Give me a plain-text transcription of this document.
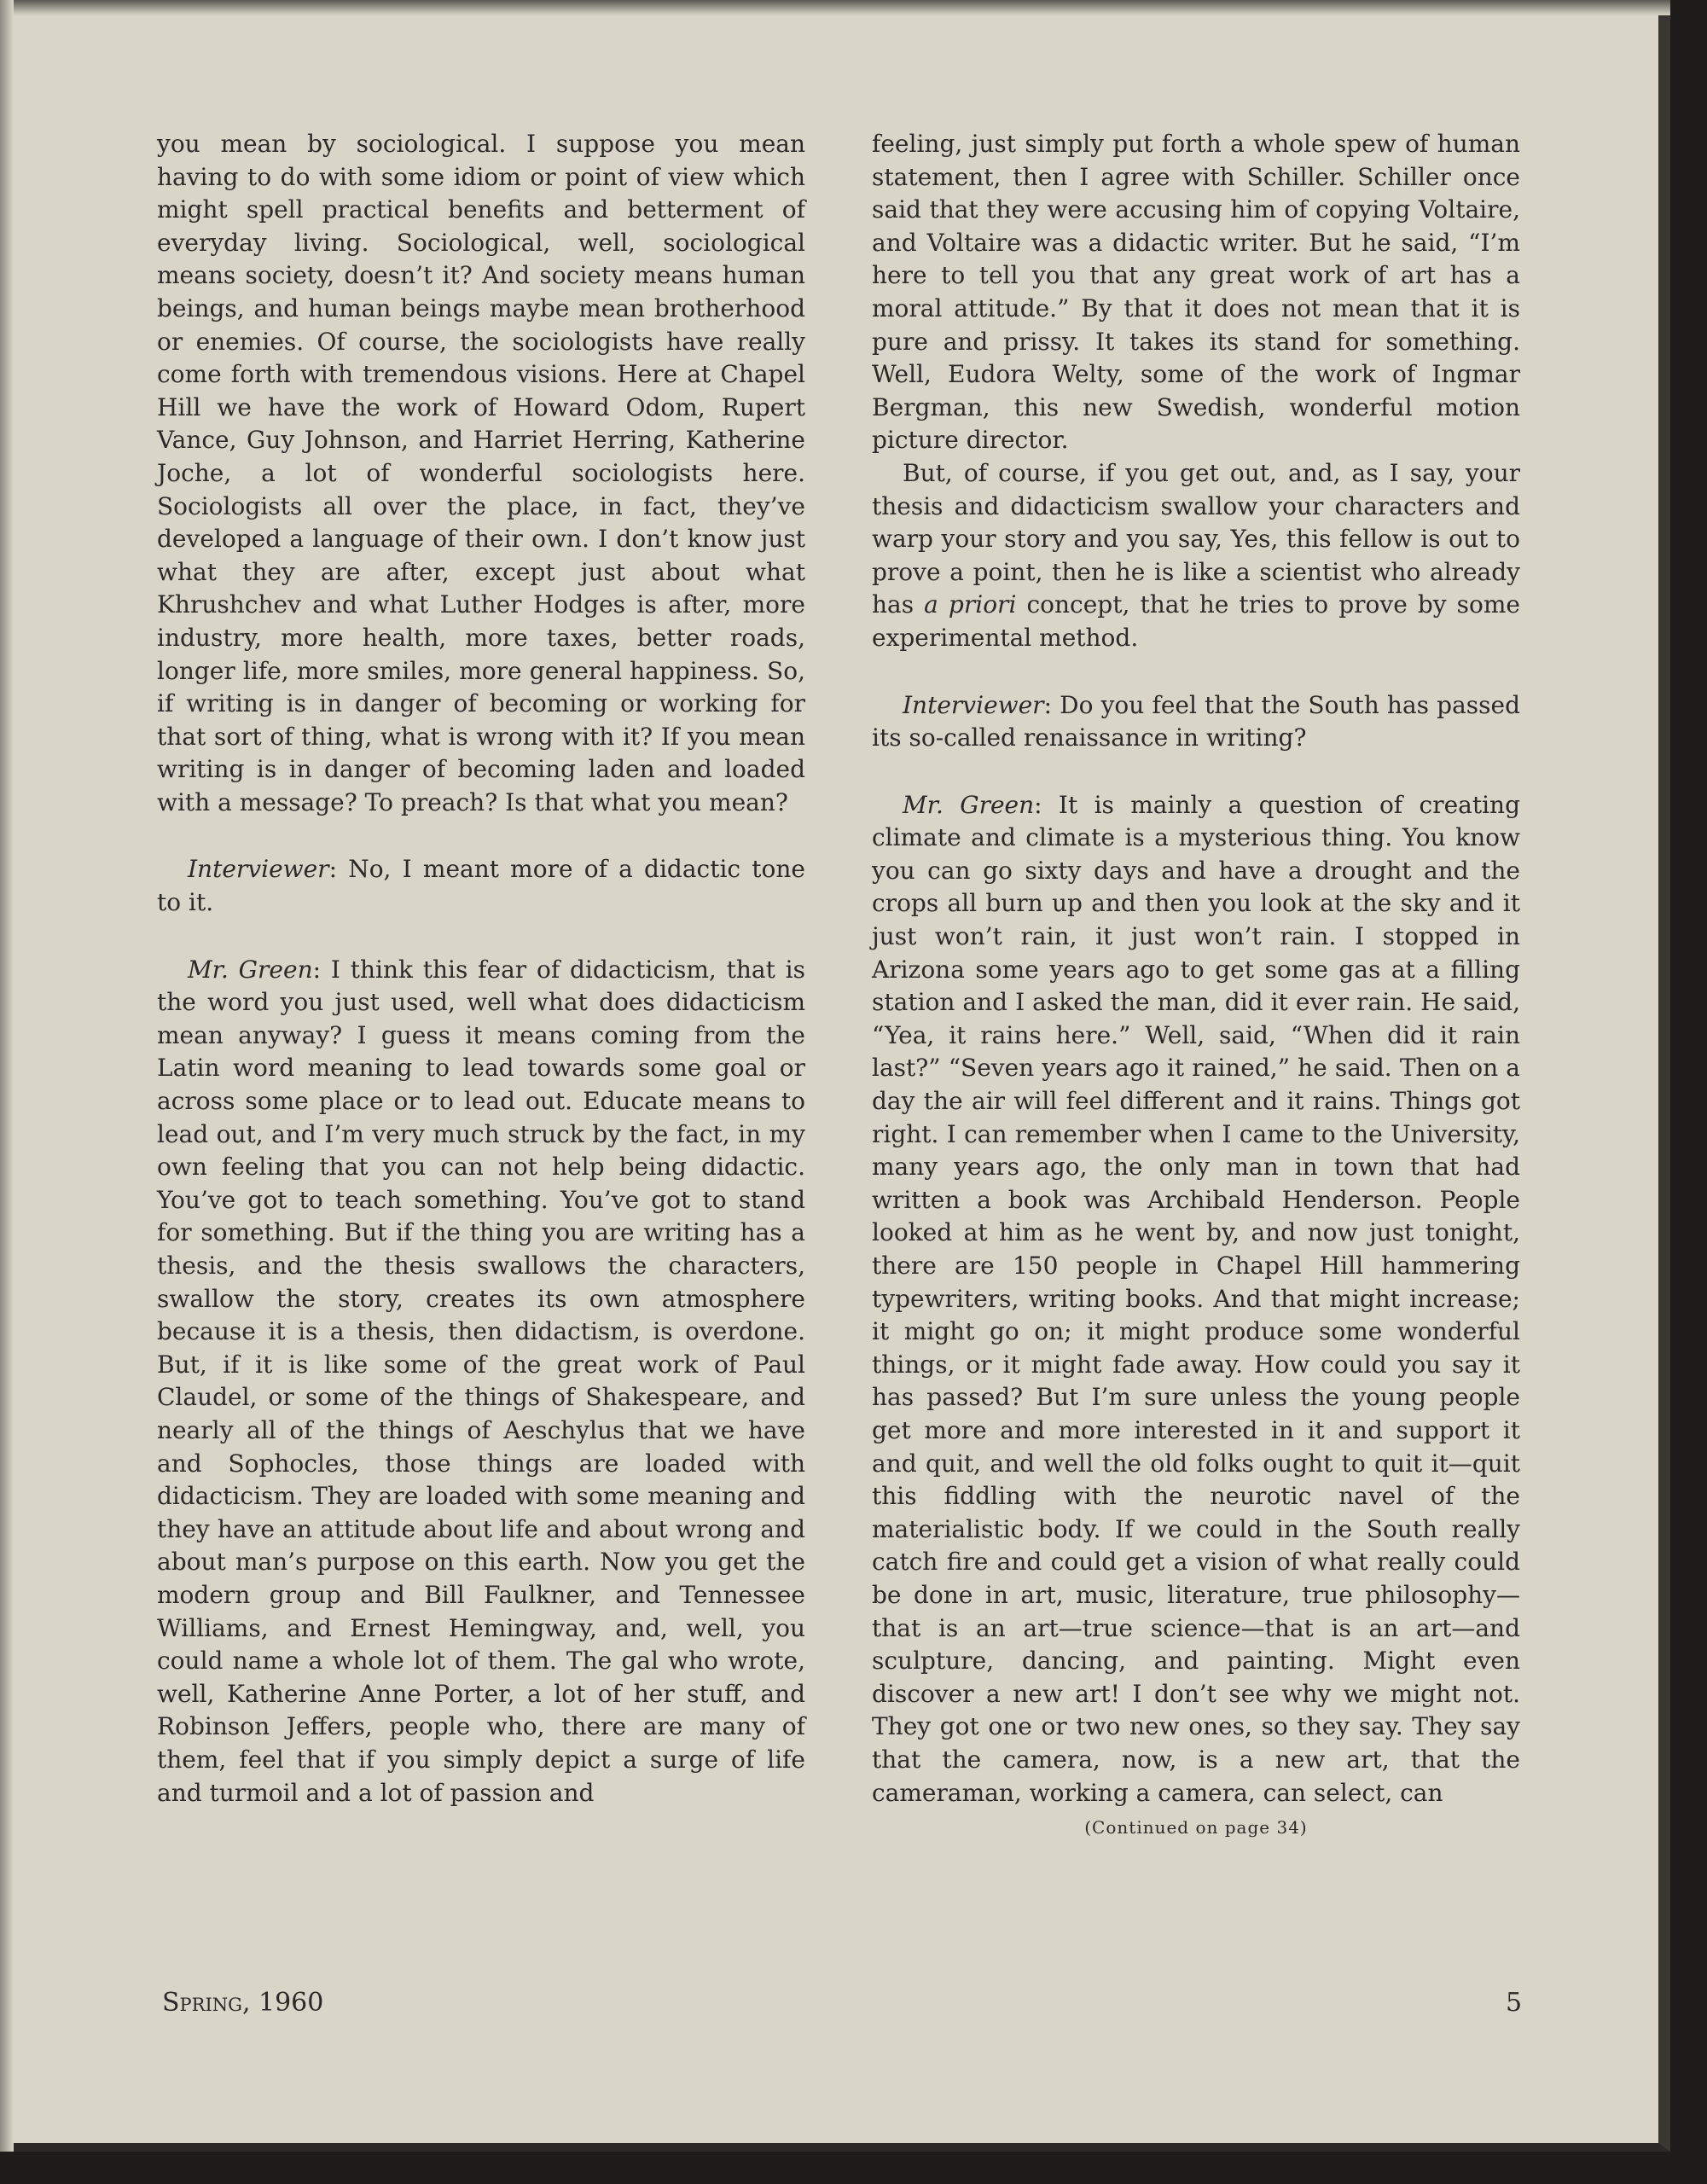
you mean by sociological. I suppose you mean having to do with some idiom or point of view which might spell practical benefits and betterment of everyday living. Sociological, well, sociological means society, doesn’t it? And society means human beings, and human beings maybe mean brotherhood or enemies. Of course, the sociologists have really come forth with tremendous visions. Here at Chapel Hill we have the work of Howard Odom, Rupert Vance, Guy Johnson, and Harriet Herring, Katherine Joche, a lot of wonderful sociologists here. Sociologists all over the place, in fact, they’ve developed a language of their own. I don’t know just what they are after, except just about what Khrushchev and what Luther Hodges is after, more industry, more health, more taxes, better roads, longer life, more smiles, more general happiness. So, if writing is in danger of becoming or working for that sort of thing, what is wrong with it? If you mean writing is in danger of becoming laden and loaded with a message? To preach? Is that what you mean?

Interviewer: No, I meant more of a didactic tone to it.

Mr. Green: I think this fear of didacticism, that is the word you just used, well what does didacticism mean anyway? I guess it means coming from the Latin word meaning to lead towards some goal or across some place or to lead out. Educate means to lead out, and I’m very much struck by the fact, in my own feeling that you can not help being didactic. You’ve got to teach something. You’ve got to stand for something. But if the thing you are writing has a thesis, and the thesis swallows the characters, swallow the story, creates its own atmosphere because it is a thesis, then didactism, is overdone. But, if it is like some of the great work of Paul Claudel, or some of the things of Shakespeare, and nearly all of the things of Aeschylus that we have and Sophocles, those things are loaded with didacticism. They are loaded with some meaning and they have an attitude about life and about wrong and about man’s purpose on this earth. Now you get the modern group and Bill Faulkner, and Tennessee Williams, and Ernest Hemingway, and, well, you could name a whole lot of them. The gal who wrote, well, Katherine Anne Porter, a lot of her stuff, and Robinson Jeffers, people who, there are many of them, feel that if you simply depict a surge of life and turmoil and a lot of passion and

feeling, just simply put forth a whole spew of human statement, then I agree with Schiller. Schiller once said that they were accusing him of copying Voltaire, and Voltaire was a didactic writer. But he said, “I’m here to tell you that any great work of art has a moral attitude.” By that it does not mean that it is pure and prissy. It takes its stand for something. Well, Eudora Welty, some of the work of Ingmar Bergman, this new Swedish, wonderful motion picture director.

But, of course, if you get out, and, as I say, your thesis and didacticism swallow your characters and warp your story and you say, Yes, this fellow is out to prove a point, then he is like a scientist who already has a priori concept, that he tries to prove by some experimental method.

Interviewer: Do you feel that the South has passed its so-called renaissance in writing?

Mr. Green: It is mainly a question of creating climate and climate is a mysterious thing. You know you can go sixty days and have a drought and the crops all burn up and then you look at the sky and it just won’t rain, it just won’t rain. I stopped in Arizona some years ago to get some gas at a filling station and I asked the man, did it ever rain. He said, “Yea, it rains here.” Well, said, “When did it rain last?” “Seven years ago it rained,” he said. Then on a day the air will feel different and it rains. Things got right. I can remember when I came to the University, many years ago, the only man in town that had written a book was Archibald Henderson. People looked at him as he went by, and now just tonight, there are 150 people in Chapel Hill hammering typewriters, writing books. And that might increase; it might go on; it might produce some wonderful things, or it might fade away. How could you say it has passed? But I’m sure unless the young people get more and more interested in it and support it and quit, and well the old folks ought to quit it—quit this fiddling with the neurotic navel of the materialistic body. If we could in the South really catch fire and could get a vision of what really could be done in art, music, literature, true philosophy—that is an art—true science—that is an art—and sculpture, dancing, and painting. Might even discover a new art! I don’t see why we might not. They got one or two new ones, so they say. They say that the camera, now, is a new art, that the cameraman, working a camera, can select, can

(Continued on page 34)

Spring, 1960	5
